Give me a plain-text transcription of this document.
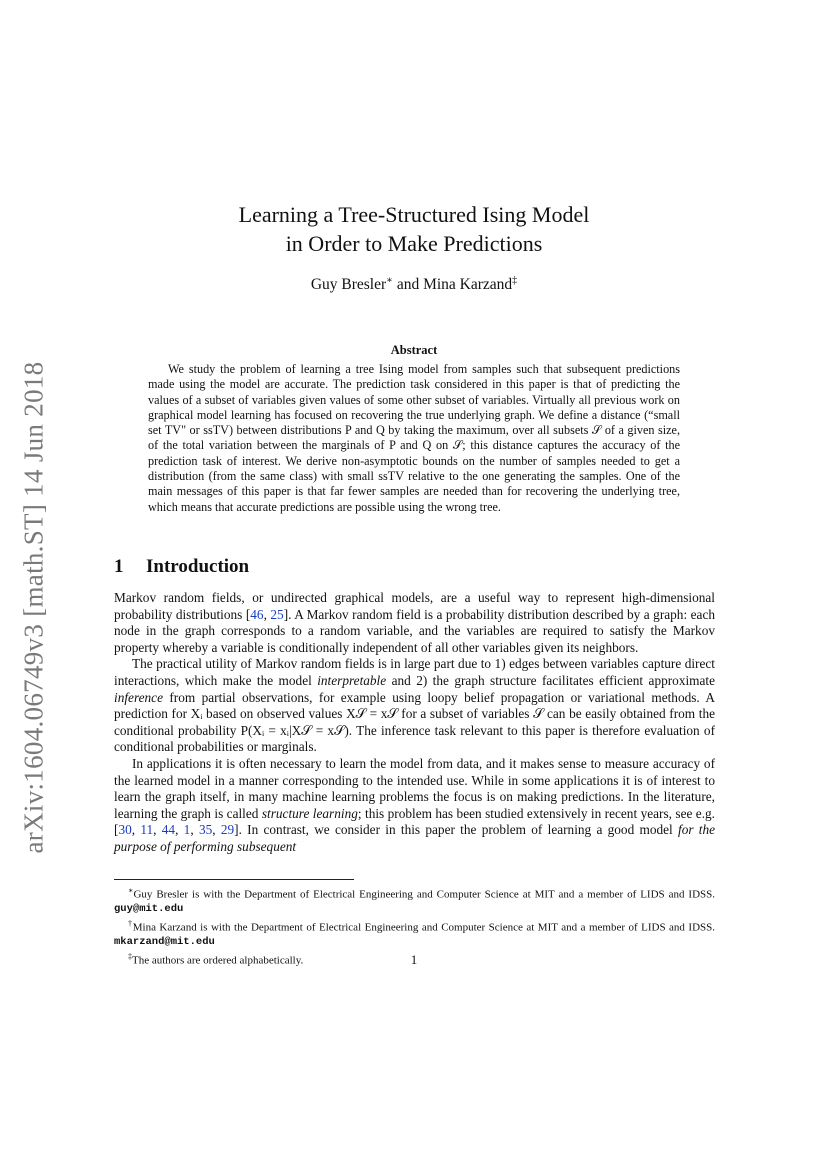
arXiv:1604.06749v3 [math.ST] 14 Jun 2018
Learning a Tree-Structured Ising Model
in Order to Make Predictions
Guy Bresler∗ and Mina Karzand‡
Abstract

We study the problem of learning a tree Ising model from samples such that subsequent predictions made using the model are accurate. The prediction task considered in this paper is that of predicting the values of a subset of variables given values of some other subset of variables. Virtually all previous work on graphical model learning has focused on recovering the true underlying graph. We define a distance (“small set TV" or ssTV) between distributions P and Q by taking the maximum, over all subsets 𝒮 of a given size, of the total variation between the marginals of P and Q on 𝒮; this distance captures the accuracy of the prediction task of interest. We derive non-asymptotic bounds on the number of samples needed to get a distribution (from the same class) with small ssTV relative to the one generating the samples. One of the main messages of this paper is that far fewer samples are needed than for recovering the underlying tree, which means that accurate predictions are possible using the wrong tree.

1 Introduction

Markov random fields, or undirected graphical models, are a useful way to represent high-dimensional probability distributions [46, 25]. A Markov random field is a probability distribution described by a graph: each node in the graph corresponds to a random variable, and the variables are required to satisfy the Markov property whereby a variable is conditionally independent of all other variables given its neighbors.

The practical utility of Markov random fields is in large part due to 1) edges between variables capture direct interactions, which make the model interpretable and 2) the graph structure facilitates efficient approximate inference from partial observations, for example using loopy belief propagation or variational methods. A prediction for Xᵢ based on observed values X𝒮 = x𝒮 for a subset of variables 𝒮 can be easily obtained from the conditional probability P(Xᵢ = xᵢ|X𝒮 = x𝒮). The inference task relevant to this paper is therefore evaluation of conditional probabilities or marginals.

In applications it is often necessary to learn the model from data, and it makes sense to measure accuracy of the learned model in a manner corresponding to the intended use. While in some applications it is of interest to learn the graph itself, in many machine learning problems the focus is on making predictions. In the literature, learning the graph is called structure learning; this problem has been studied extensively in recent years, see e.g. [30, 11, 44, 1, 35, 29]. In contrast, we consider in this paper the problem of learning a good model for the purpose of performing subsequent

∗Guy Bresler is with the Department of Electrical Engineering and Computer Science at MIT and a member of LIDS and IDSS. guy@mit.edu

†Mina Karzand is with the Department of Electrical Engineering and Computer Science at MIT and a member of LIDS and IDSS. mkarzand@mit.edu

‡The authors are ordered alphabetically.	1
